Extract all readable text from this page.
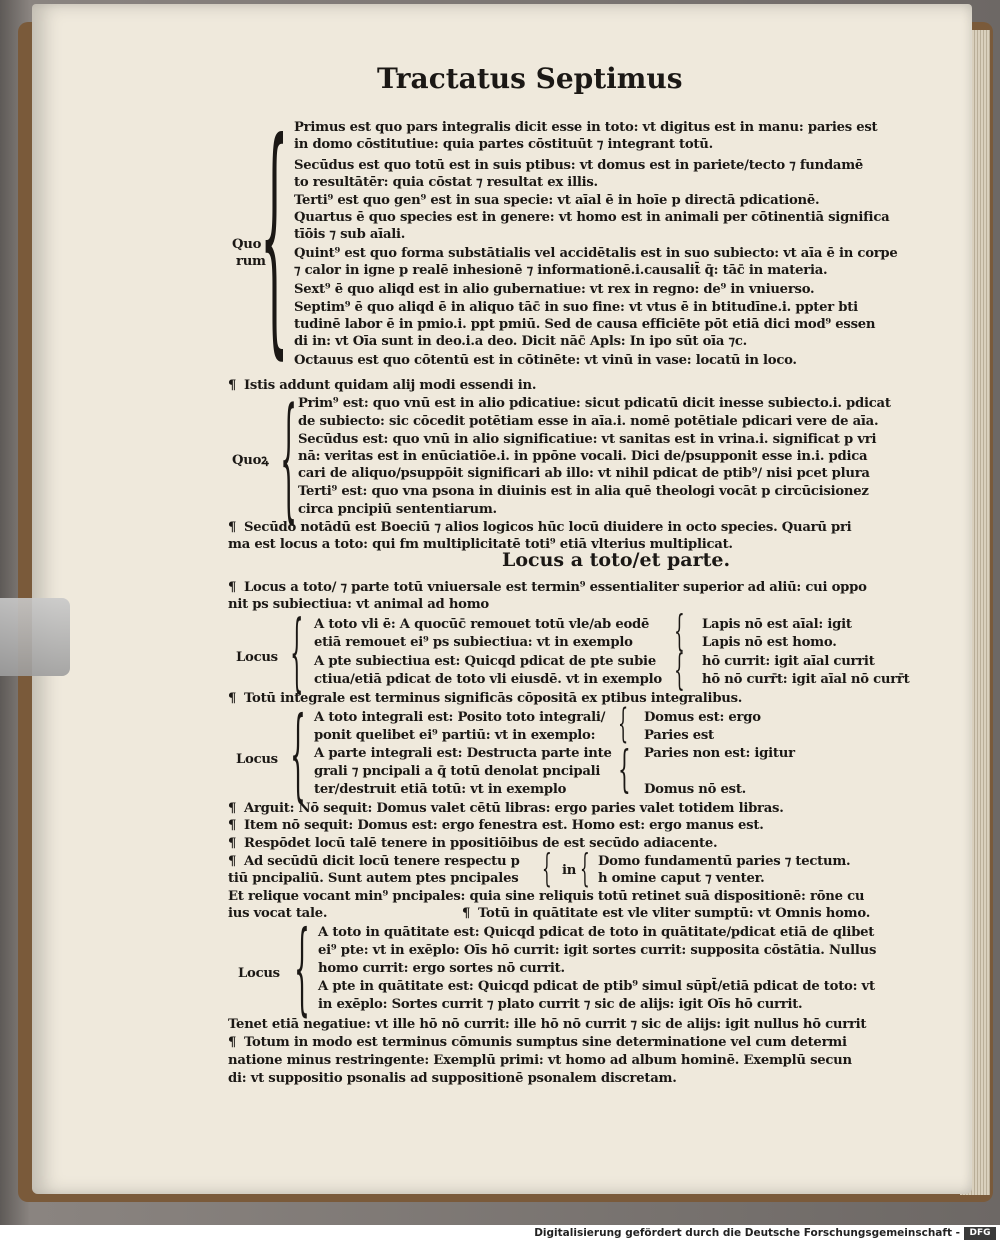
Tractatus Septimus
{
Quo
rum
Primus est quo pars integralis dicit esse in toto: vt digitus est in manu: paries est
in domo cōstitutiue: quia partes cōstituūt ⁊ integrant totū.
Secūdus est quo totū est in suis ptibus: vt domus est in pariete/tecto ⁊ fundamē
to resultātēr: quia cōstat ⁊ resultat ex illis.
Terti⁹ est quo gen⁹ est in sua specie: vt aīal ē in hoīe p directā pdicationē.
Quartus ē quo species est in genere: vt homo est in animali per cōtinentiā significa
tīōis ⁊ sub aīali.
Quint⁹ est quo forma substātialis vel accidētalis est in suo subiecto: vt aīa ē in corpe
⁊ calor in igne p realē inhesionē ⁊ informationē.i.causalit̄ q̄: tāc̄ in materia.
Sext⁹ ē quo aliqd est in alio gubernatiue: vt rex in regno: de⁹ in vniuerso.
Septim⁹ ē quo aliqd ē in aliquo tāc̄ in suo fine: vt vtus ē in btitudīne.i. ppter bti
tudinē labor ē in pmio.i. ppt pmiū. Sed de causa efficiēte pōt etiā dici mod⁹ essen
di in: vt Oīa sunt in deo.i.a deo. Dicit nāc̄ Apls: In ipo sūt oīa ⁊c.
Octauus est quo cōtentū est in cōtinēte: vt vinū in vase: locatū in loco.
¶ Istis addunt quidam alij modi essendi in.
{
Quoꝝ
Prim⁹ est: quo vnū est in alio pdicatiue: sicut pdicatū dicit inesse subiecto.i. pdicat
de subiecto: sic cōcedit potētiam esse in aīa.i. nomē potētiale pdicari vere de aīa.
Secūdus est: quo vnū in alio significatiue: vt sanitas est in vrina.i. significat p vri
nā: veritas est in enūciatiōe.i. in ppōne vocali. Dici de/psupponit esse in.i. pdica
cari de aliquo/psuppōit significari ab illo: vt nihil pdicat de ptib⁹/ nisi pcet plura
Terti⁹ est: quo vna psona in diuinis est in alia quē theologi vocāt p circūcisionez
circa pncipiū sententiarum.
¶ Secūdo notādū est Boeciū ⁊ alios logicos hūc locū diuidere in octo species. Quarū pri
ma est locus a toto: qui fm multiplicitatē toti⁹ etiā vlterius multiplicat.
Locus a toto/et parte.
¶ Locus a toto/ ⁊ parte totū vniuersale est termin⁹ essentialiter superior ad aliū: cui oppo
nit ps subiectiua: vt animal ad homo
{
Locus
A toto vli ē: A quocūc̄ remouet totū vle/ab eodē
etiā remouet ei⁹ ps subiectiua: vt in exemplo
A pte subiectiua est: Quicqd pdicat de pte subie
ctiua/etiā pdicat de toto vli eiusdē. vt in exemplo
{
{
Lapis nō est aīal: igit
Lapis nō est homo.
hō currit: igit aīal currit
hō nō curr̄t: igit aīal nō curr̄t
¶ Totū integrale est terminus significās cōpositā ex ptibus integralibus.
{
Locus
A toto integrali est: Posito toto integrali/
ponit quelibet ei⁹ partiū: vt in exemplo:
A parte integrali est: Destructa parte inte
grali ⁊ pncipali a q̄ totū denolat pncipali
ter/destruit etiā totū: vt in exemplo
{
{
Domus est: ergo
Paries est
Paries non est: igitur
Domus nō est.
¶ Arguit: Nō sequit: Domus valet cētū libras: ergo paries valet totidem libras.
¶ Item nō sequit: Domus est: ergo fenestra est. Homo est: ergo manus est.
¶ Respōdet locū talē tenere in ppositiōibus de est secūdo adiacente.
¶ Ad secūdū dicit locū tenere respectu p
tiū pncipaliū. Sunt autem ptes pncipales { in { Domo fundamentū paries ⁊ tectum.
h omine caput ⁊ venter.
Et relique vocant min⁹ pncipales: quia sine reliquis totū retinet suā dispositionē: rōne cu
ius vocat tale.	¶ Totū in quātitate est vle vliter sumptū: vt Omnis homo.
{
Locus
A toto in quātitate est: Quicqd pdicat de toto in quātitate/pdicat etiā de qlibet
ei⁹ pte: vt in exēplo: Oīs hō currit: igit sortes currit: supposita cōstātia. Nullus
homo currit: ergo sortes nō currit.
A pte in quātitate est: Quicqd pdicat de ptib⁹ simul sūpt̄/etiā pdicat de toto: vt
in exēplo: Sortes currit ⁊ plato currit ⁊ sic de alijs: igit Oīs hō currit.
Tenet etiā negatiue: vt ille hō nō currit: ille hō nō currit ⁊ sic de alijs: igit nullus hō currit
¶ Totum in modo est terminus cōmunis sumptus sine determinatione vel cum determi
natione minus restringente: Exemplū primi: vt homo ad album hominē. Exemplū secun
di: vt suppositio psonalis ad suppositionē psonalem discretam.
Digitalisierung gefördert durch die Deutsche Forschungsgemeinschaft -	DFG
